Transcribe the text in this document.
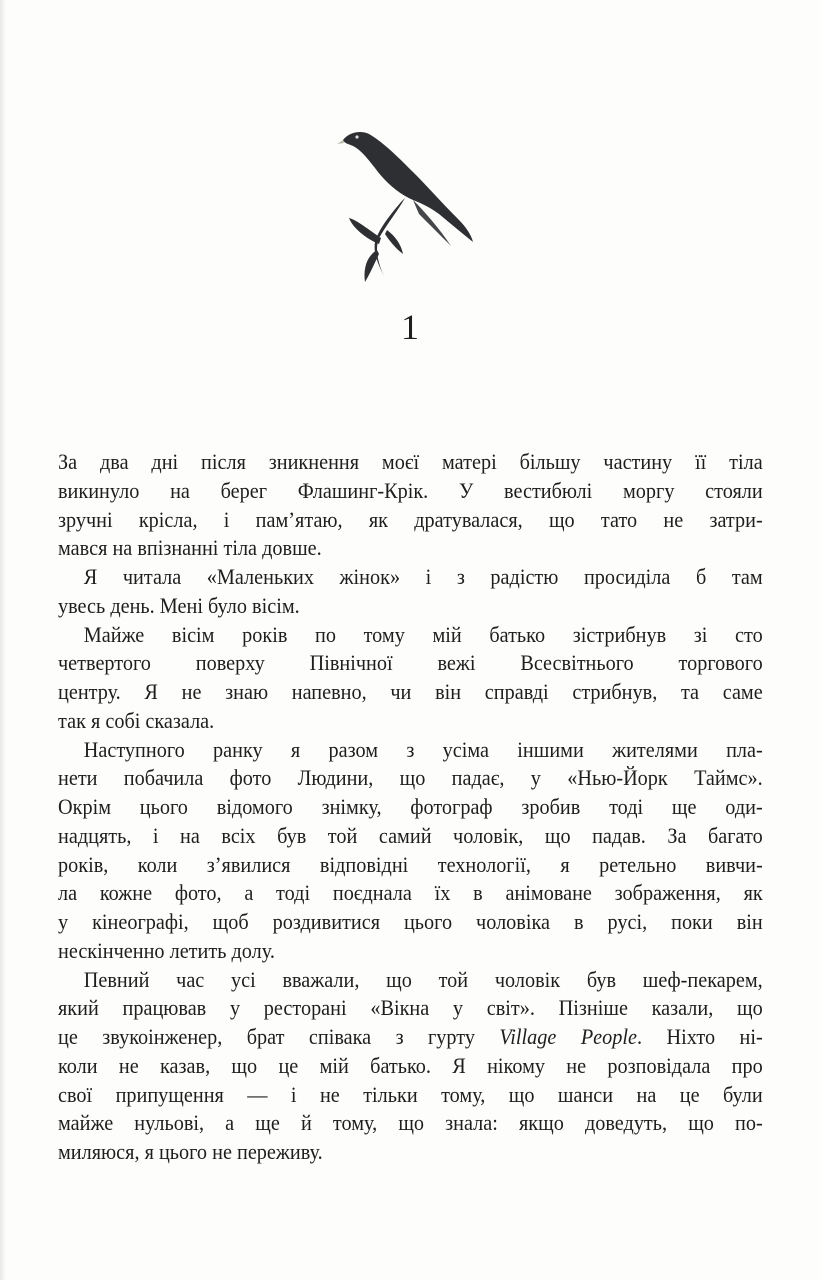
1
За два дні після зникнення моєї матері більшу частину її тіла
викинуло на берег Флашинг-Крік. У вестибюлі моргу стояли
зручні крісла, і пам’ятаю, як дратувалася, що тато не затри-
мався на впізнанні тіла довше.
Я читала «Маленьких жінок» і з радістю просиділа б там
увесь день. Мені було вісім.
Майже вісім років по тому мій батько зістрибнув зі сто
четвертого поверху Північної вежі Всесвітнього торгового
центру. Я не знаю напевно, чи він справді стрибнув, та саме
так я собі сказала.
Наступного ранку я разом з усіма іншими жителями пла-
нети побачила фото Людини, що падає, у «Нью-Йорк Таймс».
Окрім цього відомого знімку, фотограф зробив тоді ще оди-
надцять, і на всіх був той самий чоловік, що падав. За багато
років, коли з’явилися відповідні технології, я ретельно вивчи-
ла кожне фото, а тоді поєднала їх в анімоване зображення, як
у кінеографі, щоб роздивитися цього чоловіка в русі, поки він
нескінченно летить долу.
Певний час усі вважали, що той чоловік був шеф-пекарем,
який працював у ресторані «Вікна у світ». Пізніше казали, що
це звукоінженер, брат співака з гурту Village People. Ніхто ні-
коли не казав, що це мій батько. Я нікому не розповідала про
свої припущення — і не тільки тому, що шанси на це були
майже нульові, а ще й тому, що знала: якщо доведуть, що по-
миляюся, я цього не переживу.
